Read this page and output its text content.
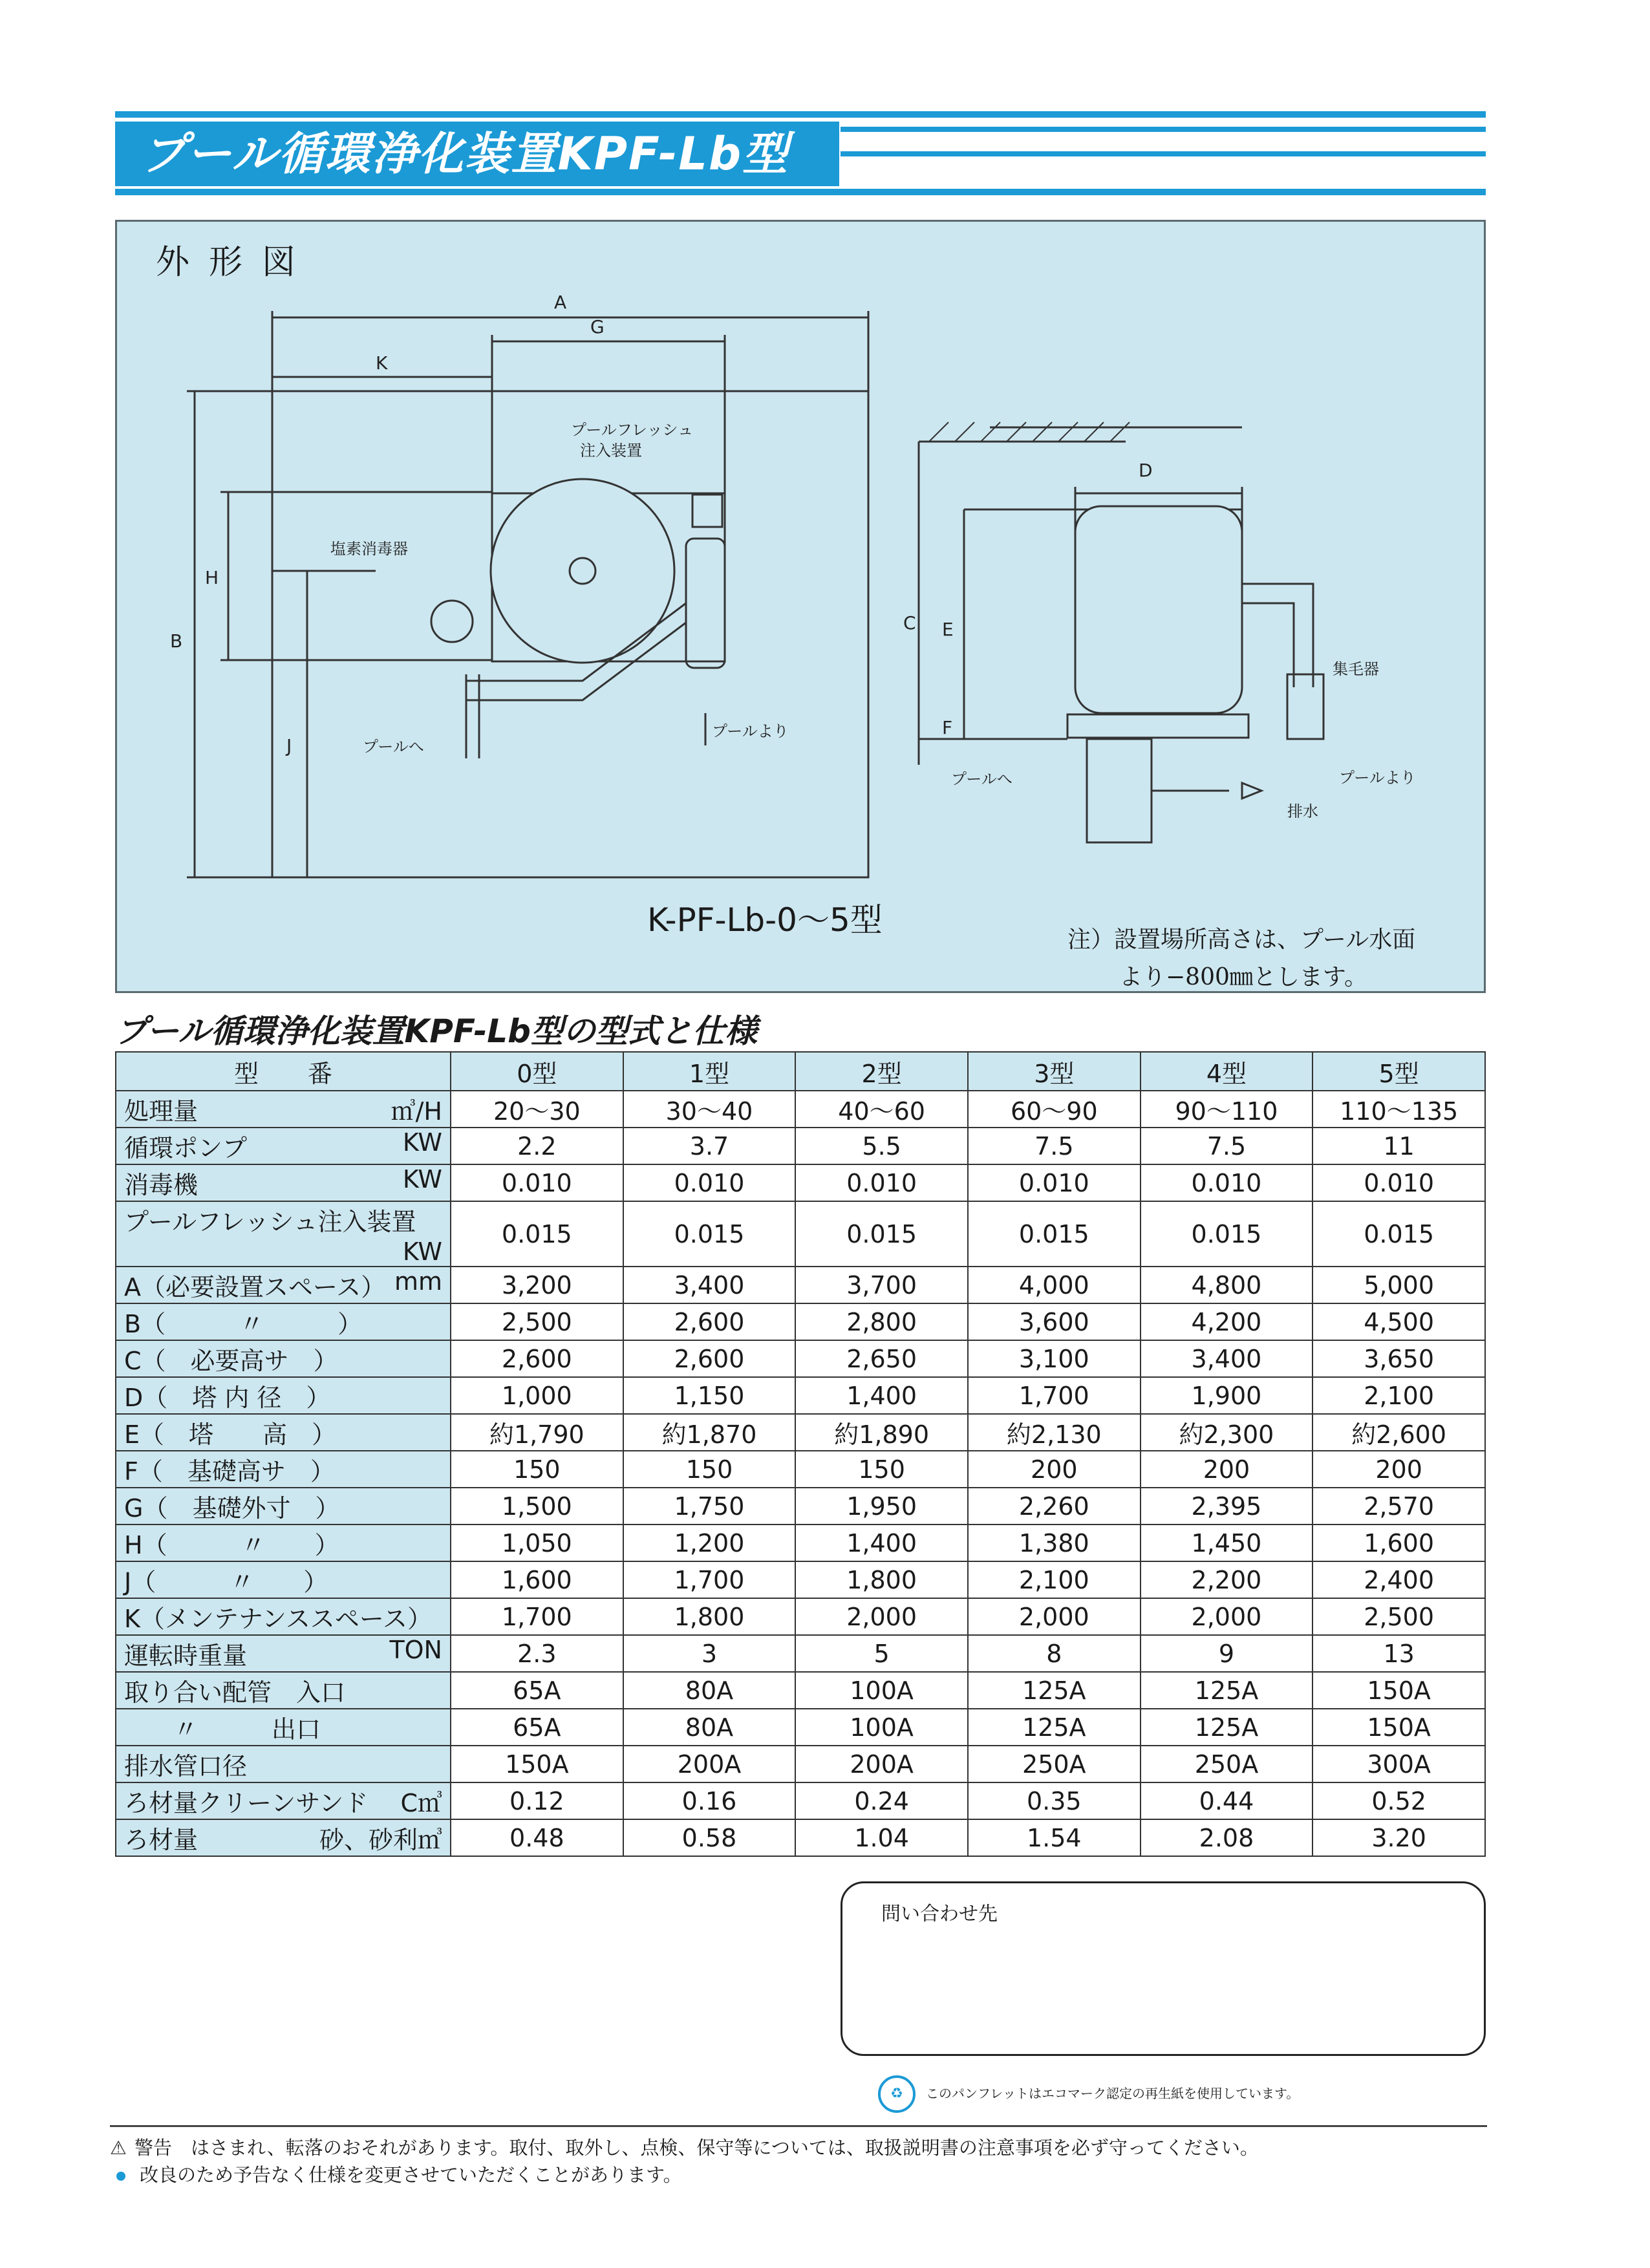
プール循環浄化装置KPF-Lb型
外形図
A
G
K
B
H
J
D
C E
F
プールフレッシュ
注入装置
塩素消毒器
プールへ
プールより
プールへ
集毛器
プールより
排水
K-PF-Lb-0〜5型
注）設置場所高さは、プール水面
より−800㎜とします。
プール循環浄化装置KPF-Lb型の型式と仕様
型　　番	0型	1型	2型	3型	4型	5型

処理量 ㎥/H	20〜30	30〜40	40〜60	60〜90	90〜110	110〜135

循環ポンプ KW	2.2	3.7	5.5	7.5	7.5	11

消毒機 KW	0.010	0.010	0.010	0.010	0.010	0.010

プールフレッシュ注入装置
KW	0.015	0.015	0.015	0.015	0.015	0.015

A（必要設置スペース） mm	3,200	3,400	3,700	4,000	4,800	5,000

B（　　　〃　　　）	2,500	2,600	2,800	3,600	4,200	4,500

C（　必要高サ　）	2,600	2,600	2,650	3,100	3,400	3,650

D（　塔 内 径　）	1,000	1,150	1,400	1,700	1,900	2,100

E（　塔　　高　）	約1,790	約1,870	約1,890	約2,130	約2,300	約2,600

F（　基礎高サ　）	150	150	150	200	200	200

G（　基礎外寸　）	1,500	1,750	1,950	2,260	2,395	2,570

H（　　　〃　　）	1,050	1,200	1,400	1,380	1,450	1,600

J（　　　〃　　）	1,600	1,700	1,800	2,100	2,200	2,400

K（メンテナンススペース）	1,700	1,800	2,000	2,000	2,000	2,500

運転時重量 TON	2.3	3	5	8	9	13

取り合い配管　入口	65A	80A	100A	125A	125A	150A

　　〃　　　出口	65A	80A	100A	125A	125A	150A

排水管口径	150A	200A	200A	250A	250A	300A

ろ材量クリーンサンド C㎥	0.12	0.16	0.24	0.35	0.44	0.52

ろ材量 砂、砂利㎥	0.48	0.58	1.04	1.54	2.08	3.20
問い合わせ先
♻	このパンフレットはエコマーク認定の再生紙を使用しています。
⚠ 警告　はさまれ、転落のおそれがあります。取付、取外し、点検、保守等については、取扱説明書の注意事項を必ず守ってください。
改良のため予告なく仕様を変更させていただくことがあります。
